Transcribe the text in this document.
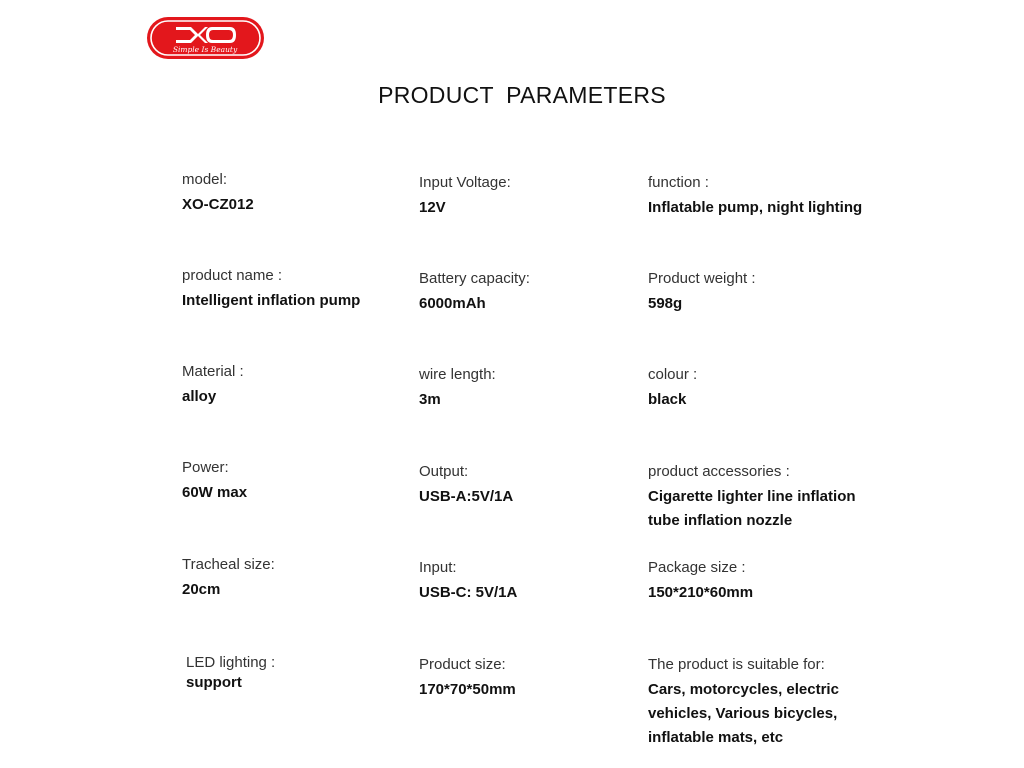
Simple Is Beauty
PRODUCT PARAMETERS
model:
XO-CZ012
Input Voltage:
12V
function :
Inflatable pump, night lighting
product name :
Intelligent inflation pump
Battery capacity:
6000mAh
Product weight :
598g
Material :
alloy
wire length:
3m
colour :
black
Power:
60W max
Output:
USB-A:5V/1A
product accessories :
Cigarette lighter line inflation
tube inflation nozzle
Tracheal size:
20cm
Input:
USB-C: 5V/1A
Package size :
150*210*60mm
LED lighting :
support
Product size:
170*70*50mm
The product is suitable for:
Cars, motorcycles, electric
vehicles, Various bicycles,
inflatable mats, etc
